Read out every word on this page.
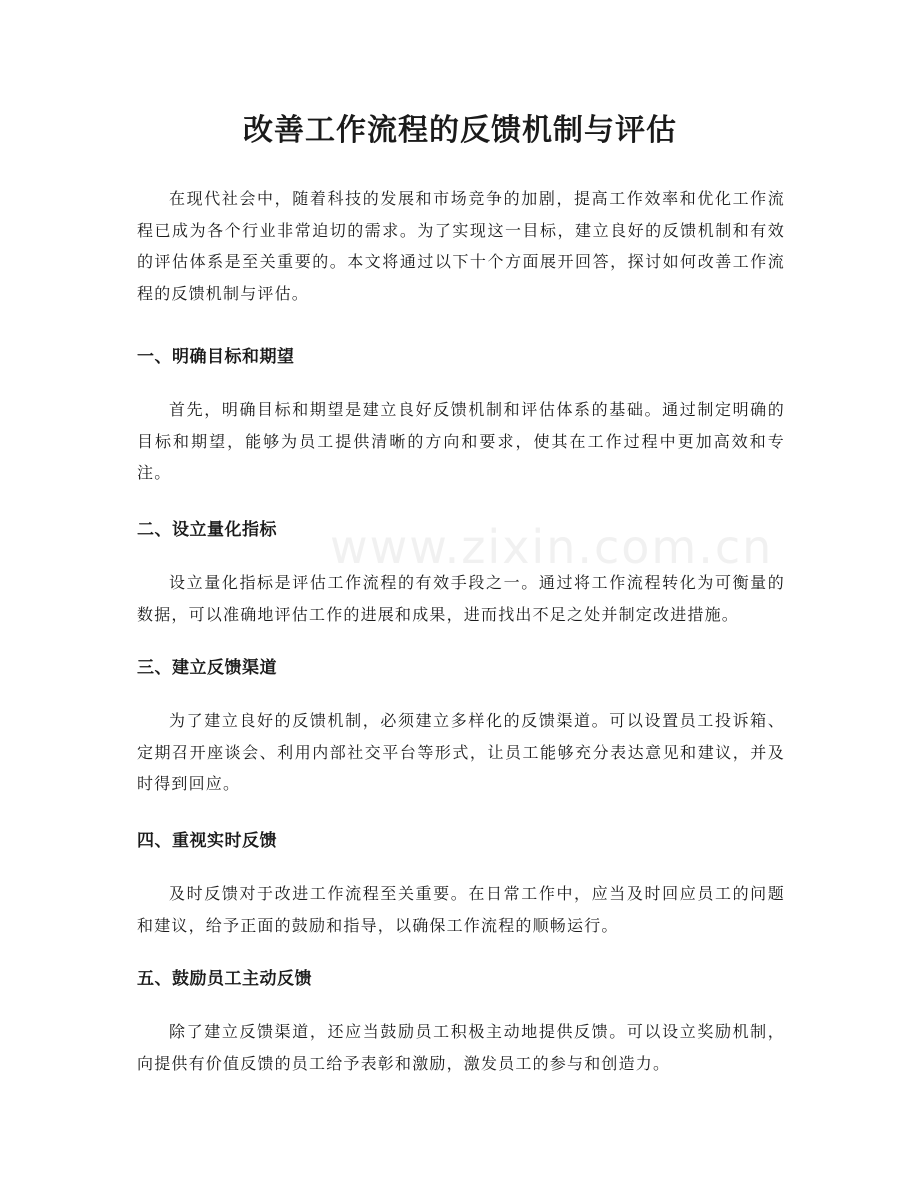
www.zixin.com.cn
改善工作流程的反馈机制与评估

在现代社会中，随着科技的发展和市场竞争的加剧，提高工作效率和优化工作流程已成为各个行业非常迫切的需求。为了实现这一目标，建立良好的反馈机制和有效的评估体系是至关重要的。本文将通过以下十个方面展开回答，探讨如何改善工作流程的反馈机制与评估。

一、明确目标和期望

首先，明确目标和期望是建立良好反馈机制和评估体系的基础。通过制定明确的目标和期望，能够为员工提供清晰的方向和要求，使其在工作过程中更加高效和专注。

二、设立量化指标

设立量化指标是评估工作流程的有效手段之一。通过将工作流程转化为可衡量的数据，可以准确地评估工作的进展和成果，进而找出不足之处并制定改进措施。

三、建立反馈渠道

为了建立良好的反馈机制，必须建立多样化的反馈渠道。可以设置员工投诉箱、定期召开座谈会、利用内部社交平台等形式，让员工能够充分表达意见和建议，并及时得到回应。

四、重视实时反馈

及时反馈对于改进工作流程至关重要。在日常工作中，应当及时回应员工的问题和建议，给予正面的鼓励和指导，以确保工作流程的顺畅运行。

五、鼓励员工主动反馈

除了建立反馈渠道，还应当鼓励员工积极主动地提供反馈。可以设立奖励机制，向提供有价值反馈的员工给予表彰和激励，激发员工的参与和创造力。
